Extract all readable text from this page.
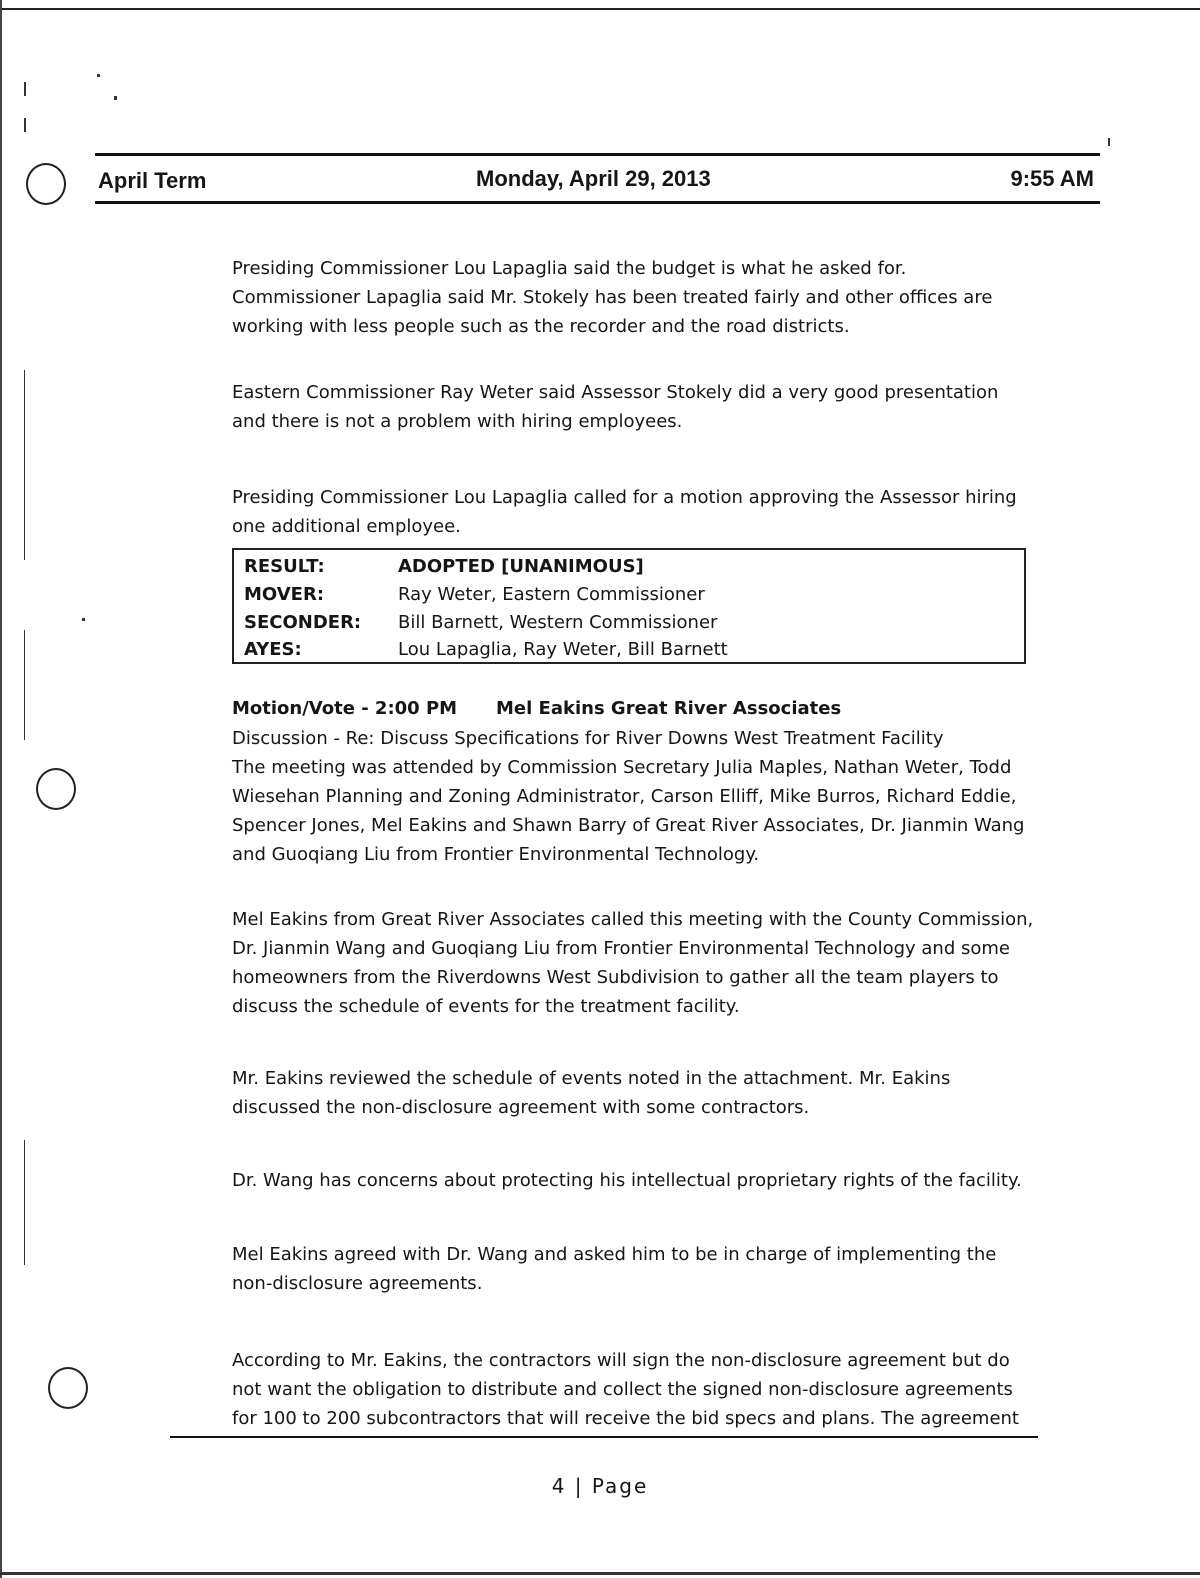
April Term	Monday, April 29, 2013	9:55 AM

Presiding Commissioner Lou Lapaglia said the budget is what he asked for.
Commissioner Lapaglia said Mr. Stokely has been treated fairly and other offices are
working with less people such as the recorder and the road districts.

Eastern Commissioner Ray Weter said Assessor Stokely did a very good presentation
and there is not a problem with hiring employees.

Presiding Commissioner Lou Lapaglia called for a motion approving the Assessor hiring
one additional employee.

RESULT:	ADOPTED [UNANIMOUS]
MOVER:	Ray Weter, Eastern Commissioner
SECONDER: Bill Barnett, Western Commissioner
AYES:	Lou Lapaglia, Ray Weter, Bill Barnett
Motion/Vote - 2:00 PM Mel Eakins Great River Associates

Discussion - Re: Discuss Specifications for River Downs West Treatment Facility
The meeting was attended by Commission Secretary Julia Maples, Nathan Weter, Todd
Wiesehan Planning and Zoning Administrator, Carson Elliff, Mike Burros, Richard Eddie,
Spencer Jones, Mel Eakins and Shawn Barry of Great River Associates, Dr. Jianmin Wang
and Guoqiang Liu from Frontier Environmental Technology.

Mel Eakins from Great River Associates called this meeting with the County Commission,
Dr. Jianmin Wang and Guoqiang Liu from Frontier Environmental Technology and some
homeowners from the Riverdowns West Subdivision to gather all the team players to
discuss the schedule of events for the treatment facility.

Mr. Eakins reviewed the schedule of events noted in the attachment. Mr. Eakins
discussed the non-disclosure agreement with some contractors.

Dr. Wang has concerns about protecting his intellectual proprietary rights of the facility.

Mel Eakins agreed with Dr. Wang and asked him to be in charge of implementing the
non-disclosure agreements.

According to Mr. Eakins, the contractors will sign the non-disclosure agreement but do
not want the obligation to distribute and collect the signed non-disclosure agreements
for 100 to 200 subcontractors that will receive the bid specs and plans. The agreement

4 | Page
